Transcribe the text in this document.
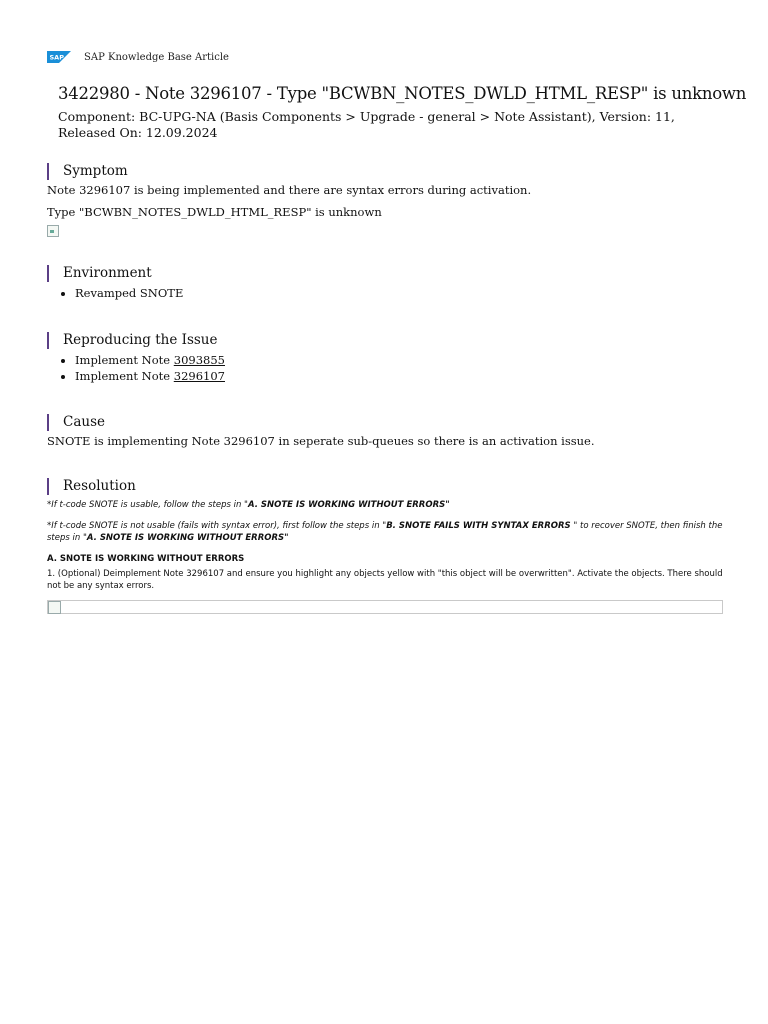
SAP SAP Knowledge Base Article
3422980 - Note 3296107 - Type "BCWBN_NOTES_DWLD_HTML_RESP" is unknown
Component: BC-UPG-NA (Basis Components > Upgrade - general > Note Assistant), Version: 11, Released On: 12.09.2024
Symptom

Note 3296107 is being implemented and there are syntax errors during activation.

Type "BCWBN_NOTES_DWLD_HTML_RESP" is unknown

Environment
• Revamped SNOTE
Reproducing the Issue
• Implement Note 3093855
• Implement Note 3296107
Cause

SNOTE is implementing Note 3296107 in seperate sub-queues so there is an activation issue.

Resolution

*If t-code SNOTE is usable, follow the steps in "A. SNOTE IS WORKING WITHOUT ERRORS"

*If t-code SNOTE is not usable (fails with syntax error), first follow the steps in "B. SNOTE FAILS WITH SYNTAX ERRORS " to recover SNOTE, then finish the steps in "A. SNOTE IS WORKING WITHOUT ERRORS"

A. SNOTE IS WORKING WITHOUT ERRORS

1. (Optional) Deimplement Note 3296107 and ensure you highlight any objects yellow with "this object will be overwritten". Activate the objects. There should not be any syntax errors.
